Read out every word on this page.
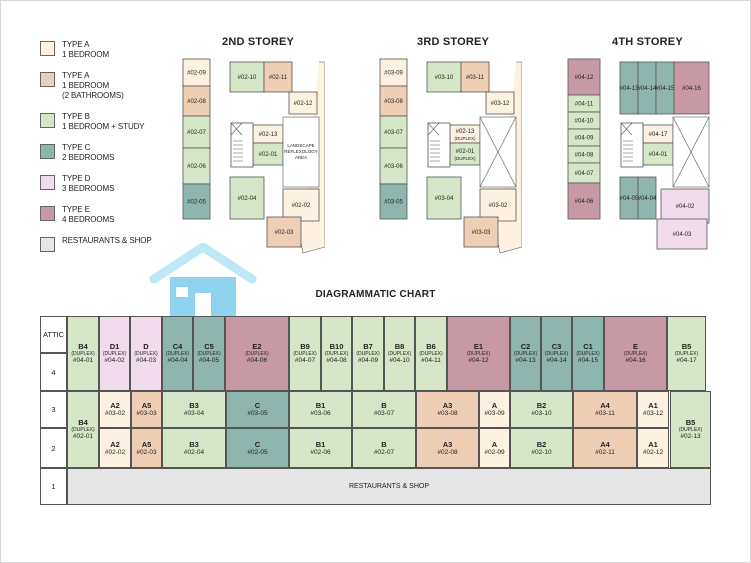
TYPE A
1 BEDROOM
TYPE A
1 BEDROOM
(2 BATHROOMS)
TYPE B
1 BEDROOM + STUDY
TYPE C
2 BEDROOMS
TYPE D
3 BEDROOMS
TYPE E
4 BEDROOMS
RESTAURANTS & SHOP
2ND STOREY	3RD STOREY	4TH STOREY
#02-09
#02-08
#02-07
#02-06
#02-05
#02-10 #02-11
#02-12
#02-13
#02-01
#02-04
#02-02
#02-03
LANDSCAPE
REFLEXOLOGY
AREA
#03-09
#03-08
#03-07
#03-06
#03-05
#03-10 #03-11
#03-12
#02-13
(DUPLEX)
#02-01
(DUPLEX)
#03-04
#03-02
#03-03
#04-12
#04-11
#04-10
#04-09
#04-08
#04-07
#04-06
#04-13 #04-14 #04-15 #04-16
#04-17
#04-01
#04-05 #04-04
#04-02
#04-03
DIAGRAMMATIC CHART
ATTIC
4
3
2
1
B4
(DUPLEX)
#04-01
D1
(DUPLEX)
#04-02
D
(DUPLEX)
#04-03
C4
(DUPLEX)
#04-04
C5
(DUPLEX)
#04-05
E2
(DUPLEX)
#04-06
B9
(DUPLEX)
#04-07
B10
(DUPLEX)
#04-08
B7
(DUPLEX)
#04-09
B8
(DUPLEX)
#04-10
B6
(DUPLEX)
#04-11
E1
(DUPLEX)
#04-12
C2
(DUPLEX)
#04-13
C3
(DUPLEX)
#04-14
C1
(DUPLEX)
#04-15
E
(DUPLEX)
#04-16
B5
(DUPLEX)
#04-17
B4
(DUPLEX)
#02-01
B5
(DUPLEX)
#02-13
A2
#03-02
A5
#03-03
B3
#03-04
C
#03-05
B1
#03-06
B
#03-07
A3
#03-08
A
#03-09
B2
#03-10
A4
#03-11
A1
#03-12
A2
#02-02
A5
#02-03
B3
#02-04
C
#02-05
B1
#02-06
B
#02-07
A3
#02-08
A
#02-09
B2
#02-10
A4
#02-11
A1
#02-12
RESTAURANTS & SHOP
